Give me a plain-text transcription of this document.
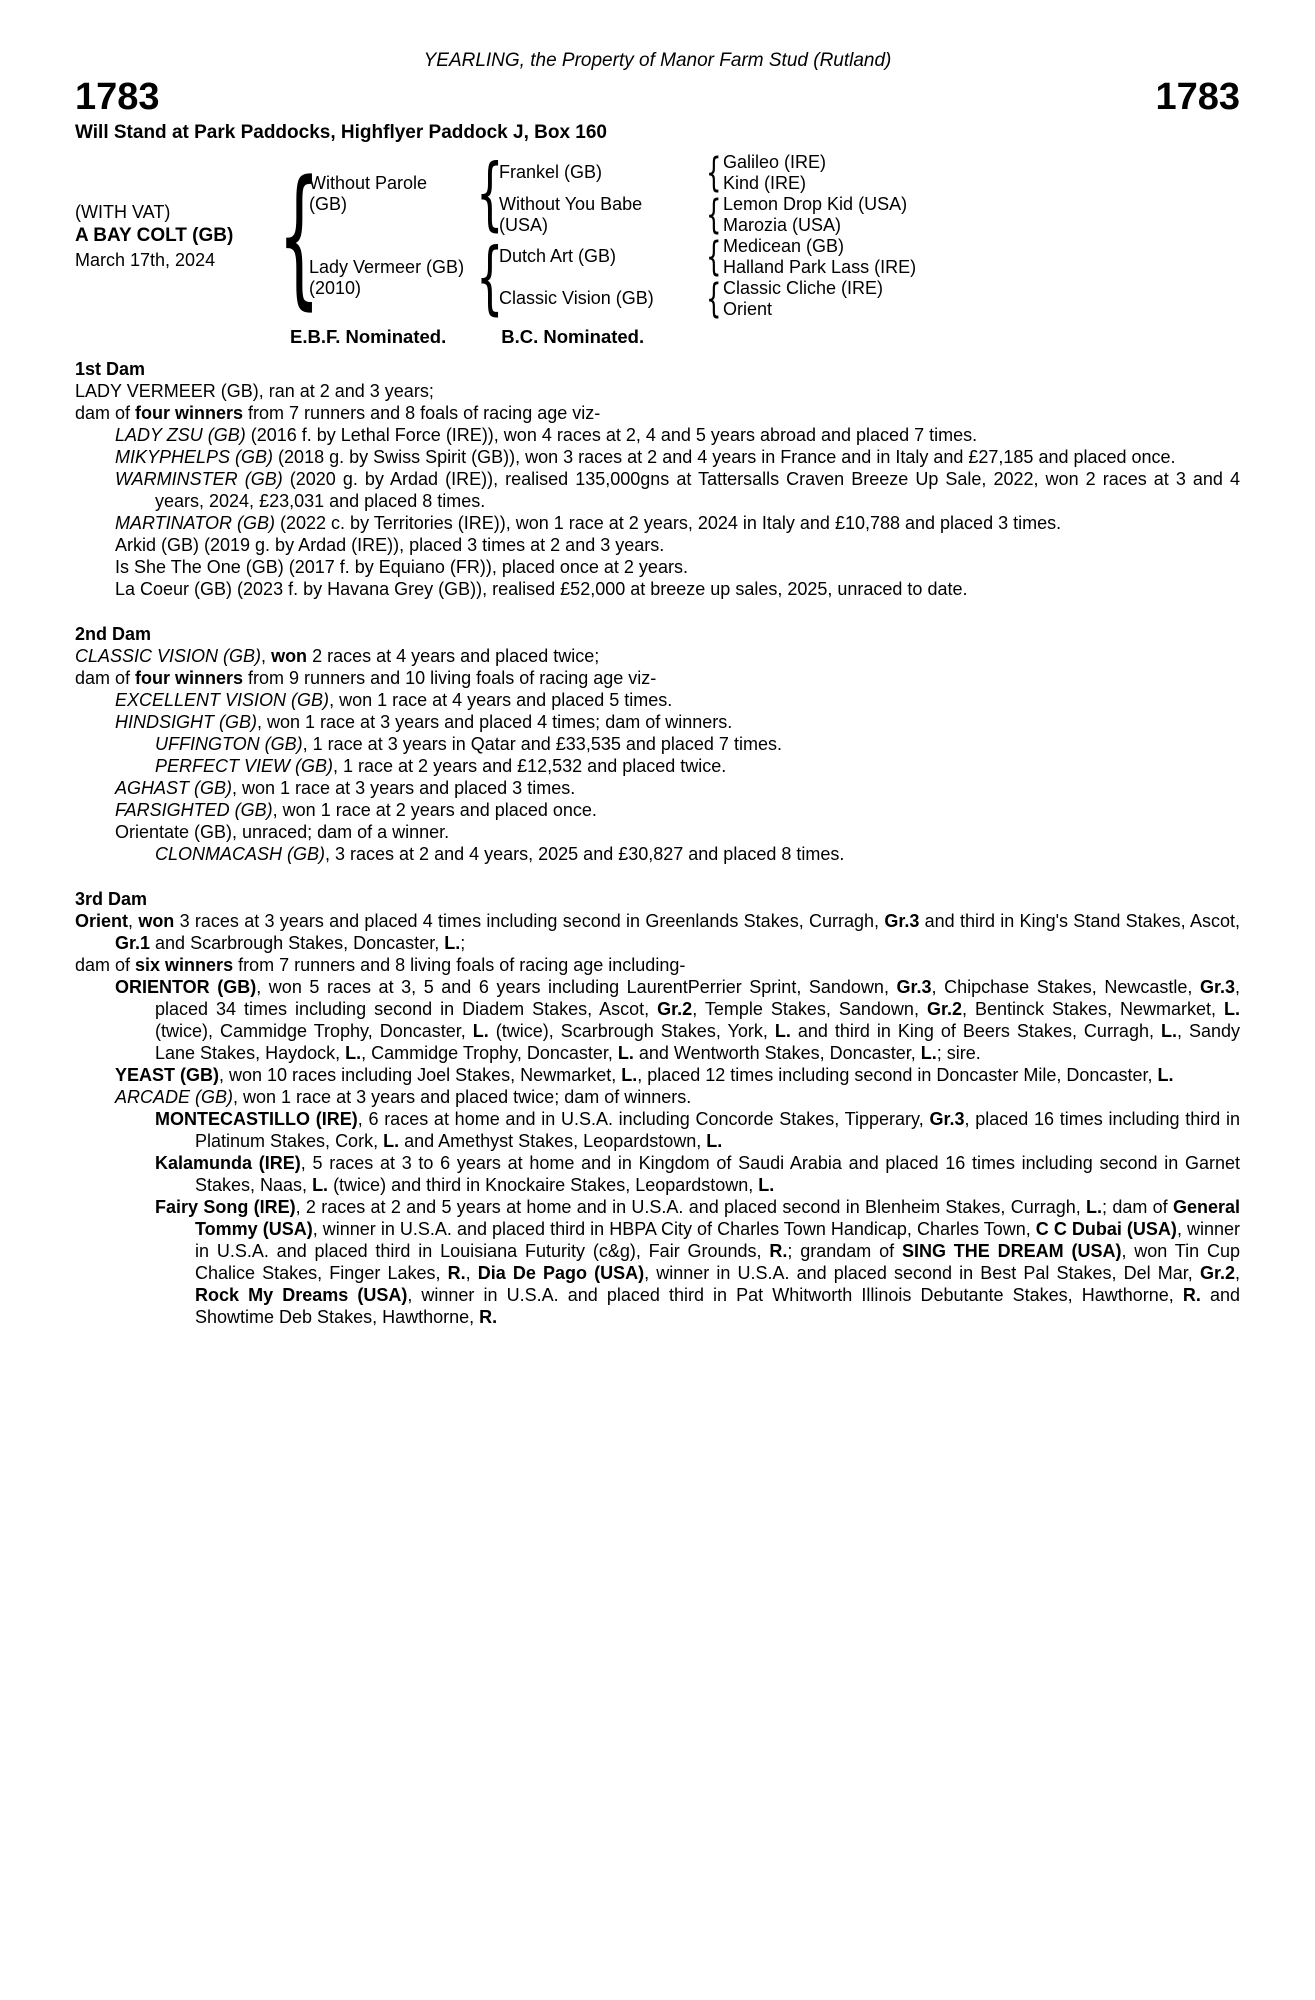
YEARLING, the Property of Manor Farm Stud (Rutland)
1783	1783
Will Stand at Park Paddocks, Highflyer Paddock J, Box 160
(WITH VAT)
A BAY COLT (GB)
March 17th, 2024 {
Without Parole
(GB)
Lady Vermeer (GB)
(2010)
{
{
Frankel (GB)
Without You Babe
(USA)
Dutch Art (GB)
Classic Vision (GB)
{
{
{
{
Galileo (IRE)
Kind (IRE)
Lemon Drop Kid (USA)
Marozia (USA)
Medicean (GB)
Halland Park Lass (IRE)
Classic Cliche (IRE)
Orient
E.B.F. Nominated.	B.C. Nominated.
1st Dam

LADY VERMEER (GB), ran at 2 and 3 years;

dam of four winners from 7 runners and 8 foals of racing age viz-

LADY ZSU (GB) (2016 f. by Lethal Force (IRE)), won 4 races at 2, 4 and 5 years abroad and placed 7 times.

MIKYPHELPS (GB) (2018 g. by Swiss Spirit (GB)), won 3 races at 2 and 4 years in France and in Italy and £27,185 and placed once.

WARMINSTER (GB) (2020 g. by Ardad (IRE)), realised 135,000gns at Tattersalls Craven Breeze Up Sale, 2022, won 2 races at 3 and 4 years, 2024, £23,031 and placed 8 times.

MARTINATOR (GB) (2022 c. by Territories (IRE)), won 1 race at 2 years, 2024 in Italy and £10,788 and placed 3 times.

Arkid (GB) (2019 g. by Ardad (IRE)), placed 3 times at 2 and 3 years.

Is She The One (GB) (2017 f. by Equiano (FR)), placed once at 2 years.

La Coeur (GB) (2023 f. by Havana Grey (GB)), realised £52,000 at breeze up sales, 2025, unraced to date.

2nd Dam

CLASSIC VISION (GB), won 2 races at 4 years and placed twice;

dam of four winners from 9 runners and 10 living foals of racing age viz-

EXCELLENT VISION (GB), won 1 race at 4 years and placed 5 times.

HINDSIGHT (GB), won 1 race at 3 years and placed 4 times; dam of winners.

UFFINGTON (GB), 1 race at 3 years in Qatar and £33,535 and placed 7 times.

PERFECT VIEW (GB), 1 race at 2 years and £12,532 and placed twice.

AGHAST (GB), won 1 race at 3 years and placed 3 times.

FARSIGHTED (GB), won 1 race at 2 years and placed once.

Orientate (GB), unraced; dam of a winner.

CLONMACASH (GB), 3 races at 2 and 4 years, 2025 and £30,827 and placed 8 times.

3rd Dam

Orient, won 3 races at 3 years and placed 4 times including second in Greenlands Stakes, Curragh, Gr.3 and third in King's Stand Stakes, Ascot, Gr.1 and Scarbrough Stakes, Doncaster, L.;

dam of six winners from 7 runners and 8 living foals of racing age including-

ORIENTOR (GB), won 5 races at 3, 5 and 6 years including LaurentPerrier Sprint, Sandown, Gr.3, Chipchase Stakes, Newcastle, Gr.3, placed 34 times including second in Diadem Stakes, Ascot, Gr.2, Temple Stakes, Sandown, Gr.2, Bentinck Stakes, Newmarket, L. (twice), Cammidge Trophy, Doncaster, L. (twice), Scarbrough Stakes, York, L. and third in King of Beers Stakes, Curragh, L., Sandy Lane Stakes, Haydock, L., Cammidge Trophy, Doncaster, L. and Wentworth Stakes, Doncaster, L.; sire.

YEAST (GB), won 10 races including Joel Stakes, Newmarket, L., placed 12 times including second in Doncaster Mile, Doncaster, L.

ARCADE (GB), won 1 race at 3 years and placed twice; dam of winners.

MONTECASTILLO (IRE), 6 races at home and in U.S.A. including Concorde Stakes, Tipperary, Gr.3, placed 16 times including third in Platinum Stakes, Cork, L. and Amethyst Stakes, Leopardstown, L.

Kalamunda (IRE), 5 races at 3 to 6 years at home and in Kingdom of Saudi Arabia and placed 16 times including second in Garnet Stakes, Naas, L. (twice) and third in Knockaire Stakes, Leopardstown, L.

Fairy Song (IRE), 2 races at 2 and 5 years at home and in U.S.A. and placed second in Blenheim Stakes, Curragh, L.; dam of General Tommy (USA), winner in U.S.A. and placed third in HBPA City of Charles Town Handicap, Charles Town, C C Dubai (USA), winner in U.S.A. and placed third in Louisiana Futurity (c&g), Fair Grounds, R.; grandam of SING THE DREAM (USA), won Tin Cup Chalice Stakes, Finger Lakes, R., Dia De Pago (USA), winner in U.S.A. and placed second in Best Pal Stakes, Del Mar, Gr.2, Rock My Dreams (USA), winner in U.S.A. and placed third in Pat Whitworth Illinois Debutante Stakes, Hawthorne, R. and Showtime Deb Stakes, Hawthorne, R.
